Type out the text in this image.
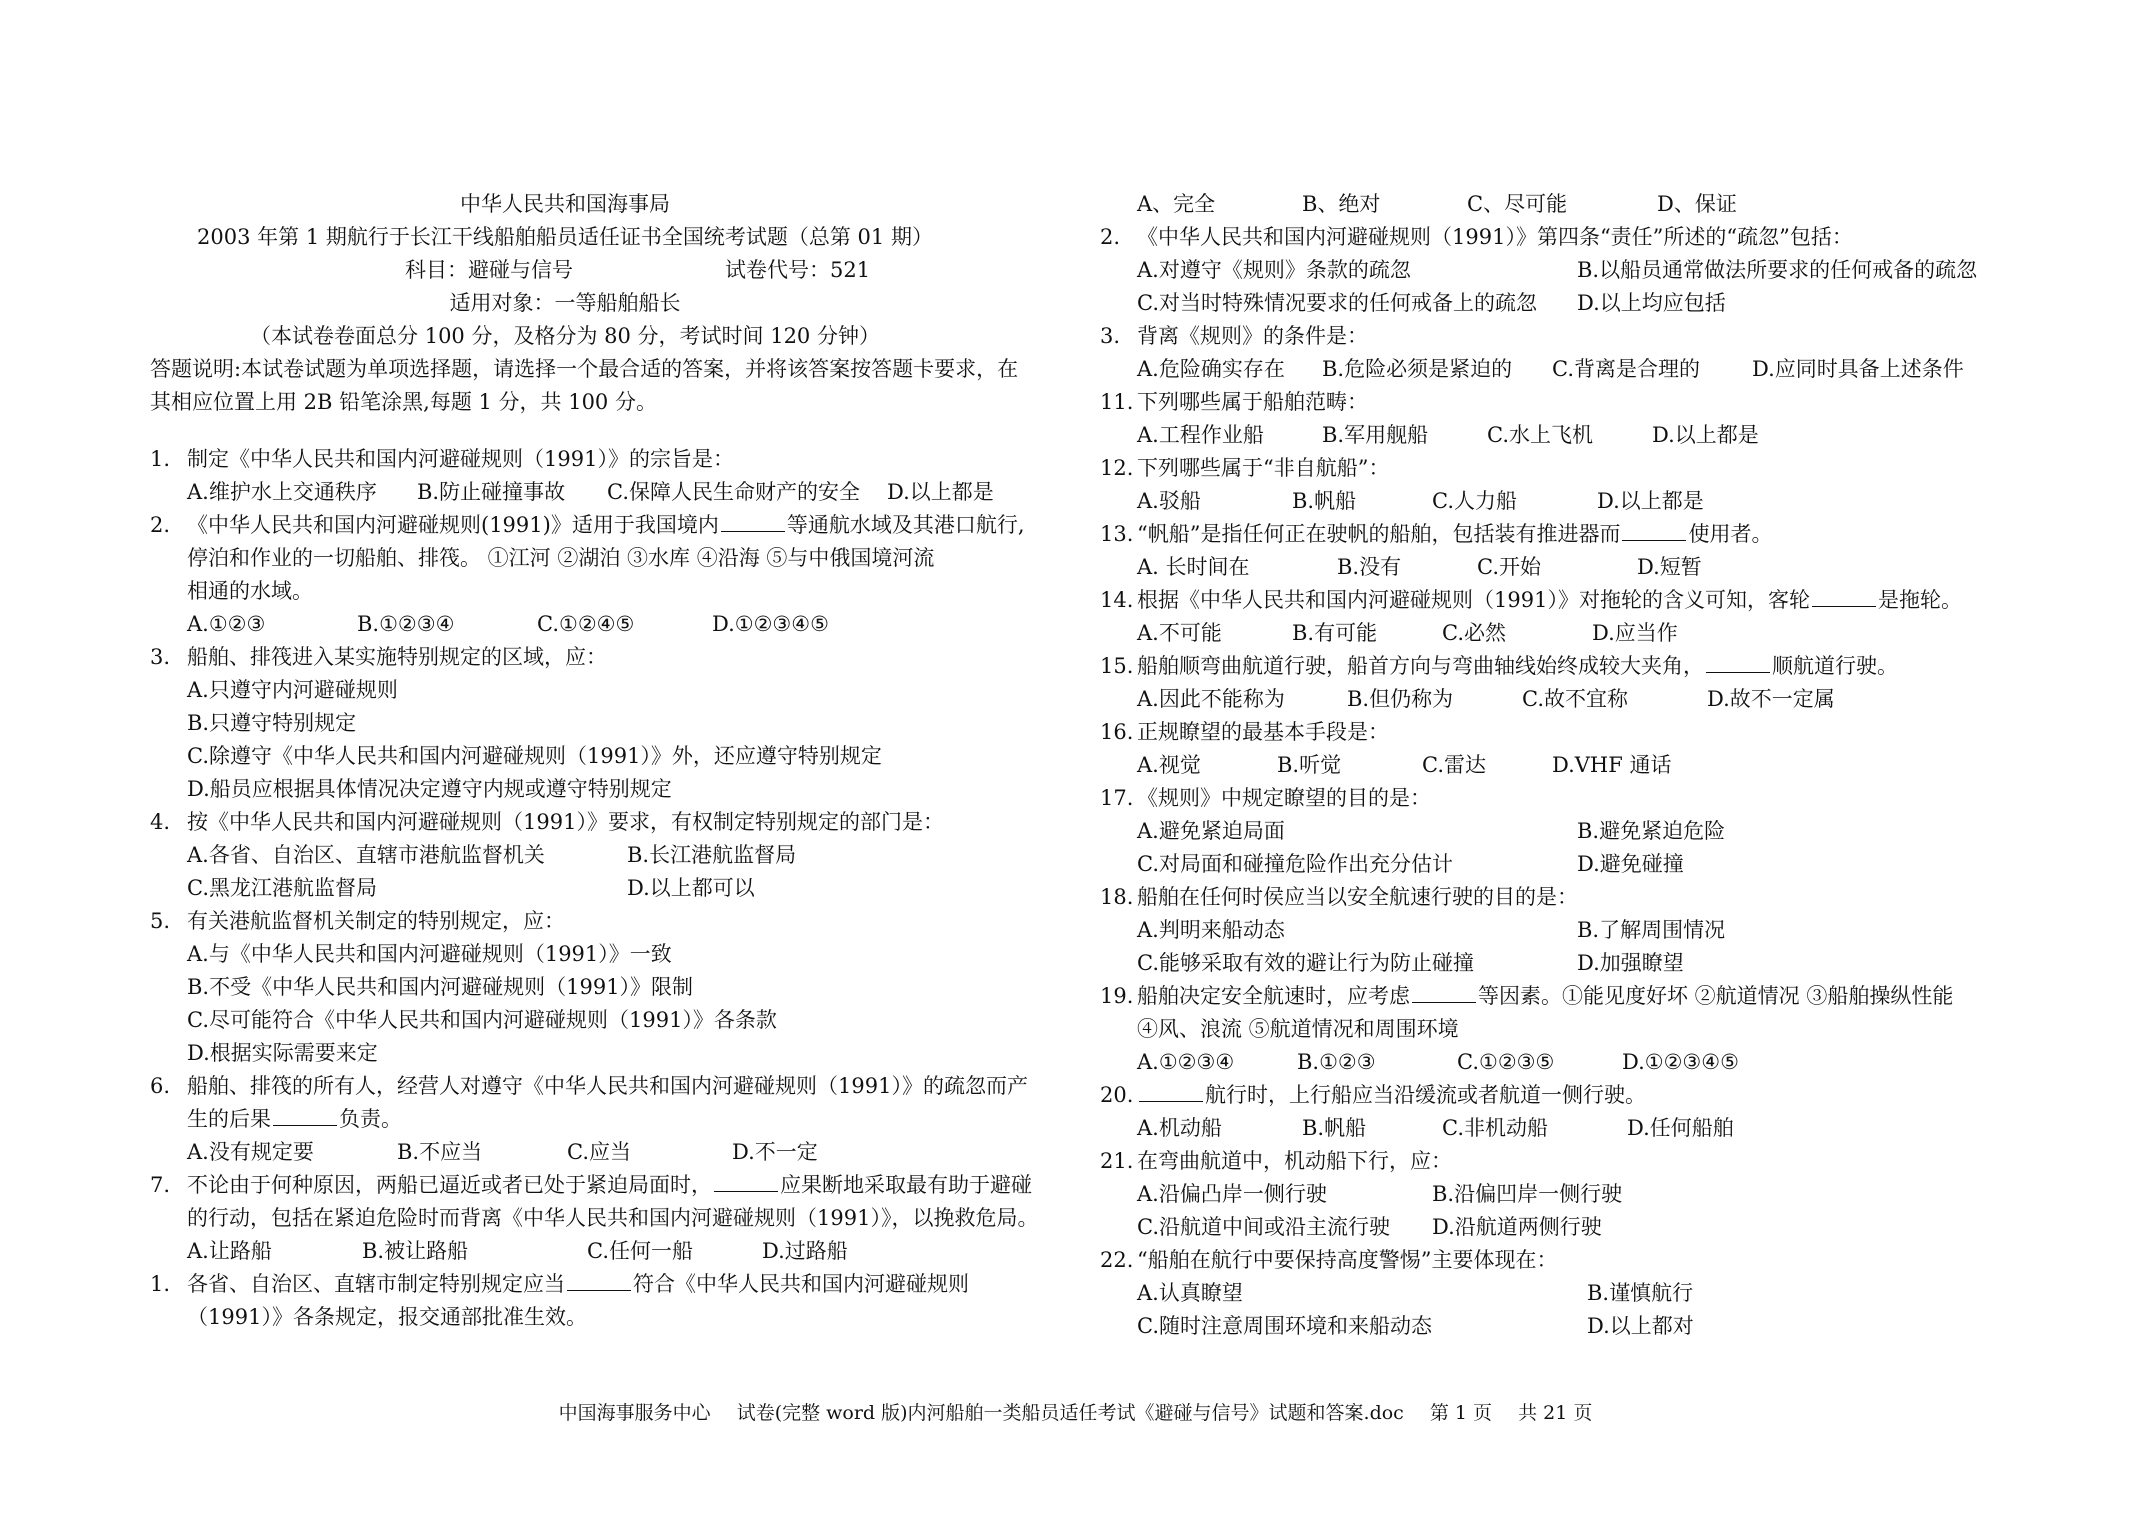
中华人民共和国海事局
2003 年第 1 期航行于长江干线船舶船员适任证书全国统考试题（总第 01 期）
科目：避碰与信号	试卷代号：521
适用对象：一等船舶船长
（本试卷卷面总分 100 分，及格分为 80 分，考试时间 120 分钟）
答题说明:本试卷试题为单项选择题，请选择一个最合适的答案，并将该答案按答题卡要求，在
其相应位置上用 2B 铅笔涂黑,每题 1 分，共 100 分。
1. 制定《中华人民共和国内河避碰规则（1991）》的宗旨是：
A.维护水上交通秩序 B.防止碰撞事故 C.保障人民生命财产的安全 D.以上都是
2. 《中华人民共和国内河避碰规则(1991)》适用于我国境内	等通航水域及其港口航行,
停泊和作业的一切船舶、排筏。 ①江河 ②湖泊 ③水库 ④沿海 ⑤与中俄国境河流
相通的水域。
A.①②③	B.①②③④	C.①②④⑤	D.①②③④⑤
3. 船舶、排筏进入某实施特别规定的区域，应：
A.只遵守内河避碰规则
B.只遵守特别规定
C.除遵守《中华人民共和国内河避碰规则（1991）》外，还应遵守特别规定
D.船员应根据具体情况决定遵守内规或遵守特别规定
4. 按《中华人民共和国内河避碰规则（1991）》要求，有权制定特别规定的部门是：
A.各省、自治区、直辖市港航监督机关	B.长江港航监督局
C.黑龙江港航监督局	D.以上都可以
5. 有关港航监督机关制定的特别规定，应：
A.与《中华人民共和国内河避碰规则（1991）》一致
B.不受《中华人民共和国内河避碰规则（1991）》限制
C.尽可能符合《中华人民共和国内河避碰规则（1991）》各条款
D.根据实际需要来定
6. 船舶、排筏的所有人，经营人对遵守《中华人民共和国内河避碰规则（1991）》的疏忽而产
生的后果	负责。
A.没有规定要	B.不应当	C.应当	D.不一定
7. 不论由于何种原因，两船已逼近或者已处于紧迫局面时，	应果断地采取最有助于避碰
的行动，包括在紧迫危险时而背离《中华人民共和国内河避碰规则（1991）》，以挽救危局。
A.让路船	B.被让路船	C.任何一船	D.过路船
1. 各省、自治区、直辖市制定特别规定应当	符合《中华人民共和国内河避碰规则
（1991）》各条规定，报交通部批准生效。
A、完全	B、绝对	C、尽可能	D、保证
2. 《中华人民共和国内河避碰规则（1991）》第四条“责任”所述的“疏忽”包括：
A.对遵守《规则》条款的疏忽	B.以船员通常做法所要求的任何戒备的疏忽
C.对当时特殊情况要求的任何戒备上的疏忽 D.以上均应包括
3. 背离《规则》的条件是：
A.危险确实存在 B.危险必须是紧迫的 C.背离是合理的 D.应同时具备上述条件
11. 下列哪些属于船舶范畴：
A.工程作业船	B.军用舰船	C.水上飞机	D.以上都是
12. 下列哪些属于“非自航船”：
A.驳船	B.帆船	C.人力船	D.以上都是
13. “帆船”是指任何正在驶帆的船舶，包括装有推进器而	使用者。
A. 长时间在	B.没有	C.开始	D.短暂
14. 根据《中华人民共和国内河避碰规则（1991）》对拖轮的含义可知，客轮	是拖轮。
A.不可能	B.有可能	C.必然	D.应当作
15. 船舶顺弯曲航道行驶，船首方向与弯曲轴线始终成较大夹角，	顺航道行驶。
A.因此不能称为	B.但仍称为	C.故不宜称	D.故不一定属
16. 正规瞭望的最基本手段是：
A.视觉	B.听觉	C.雷达	D.VHF 通话
17. 《规则》中规定瞭望的目的是：
A.避免紧迫局面	B.避免紧迫危险
C.对局面和碰撞危险作出充分估计	D.避免碰撞
18. 船舶在任何时侯应当以安全航速行驶的目的是：
A.判明来船动态	B.了解周围情况
C.能够采取有效的避让行为防止碰撞	D.加强瞭望
19. 船舶决定安全航速时，应考虑	等因素。①能见度好坏 ②航道情况 ③船舶操纵性能
④风、浪流 ⑤航道情况和周围环境
A.①②③④	B.①②③	C.①②③⑤	D.①②③④⑤
20.	航行时，上行船应当沿缓流或者航道一侧行驶。
A.机动船	B.帆船	C.非机动船	D.任何船舶
21. 在弯曲航道中，机动船下行，应：
A.沿偏凸岸一侧行驶	B.沿偏凹岸一侧行驶
C.沿航道中间或沿主流行驶 D.沿航道两侧行驶
22. “船舶在航行中要保持高度警惕”主要体现在：
A.认真瞭望	B.谨慎航行
C.随时注意周围环境和来船动态	D.以上都对
中国海事服务中心 试卷(完整 word 版)内河船舶一类船员适任考试《避碰与信号》试题和答案.doc 第 1 页 共 21 页
